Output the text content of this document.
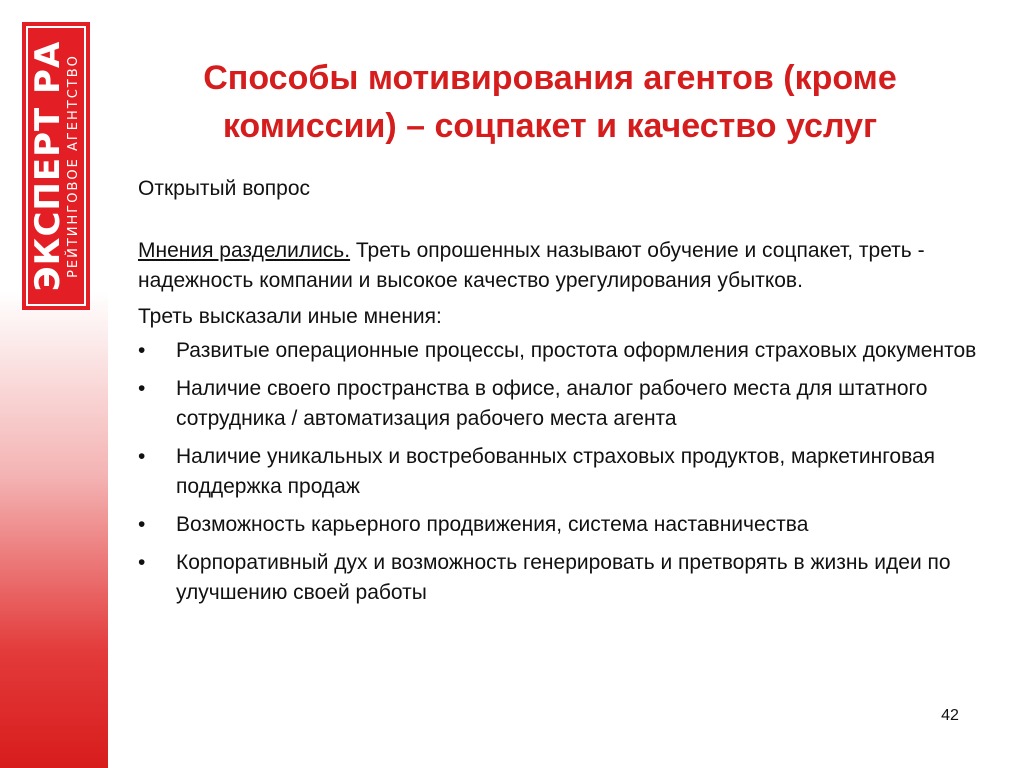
ЭКСПЕРТ РА
РЕЙТИНГОВОЕ АГЕНТСТВО	Способы мотивирования агентов (кроме комиссии) – соцпакет и качество услуг

Открытый вопрос

Мнения разделились. Треть опрошенных называют обучение и соцпакет, треть - надежность компании и высокое качество урегулирования убытков.

Треть высказали иные мнения:

• Развитые операционные процессы, простота оформления страховых документов
• Наличие своего пространства в офисе, аналог рабочего места для штатного сотрудника / автоматизация рабочего места агента
• Наличие уникальных и востребованных страховых продуктов, маркетинговая поддержка продаж
• Возможность карьерного продвижения, система наставничества
• Корпоративный дух и возможность генерировать и претворять в жизнь идеи по улучшению своей работы
42
